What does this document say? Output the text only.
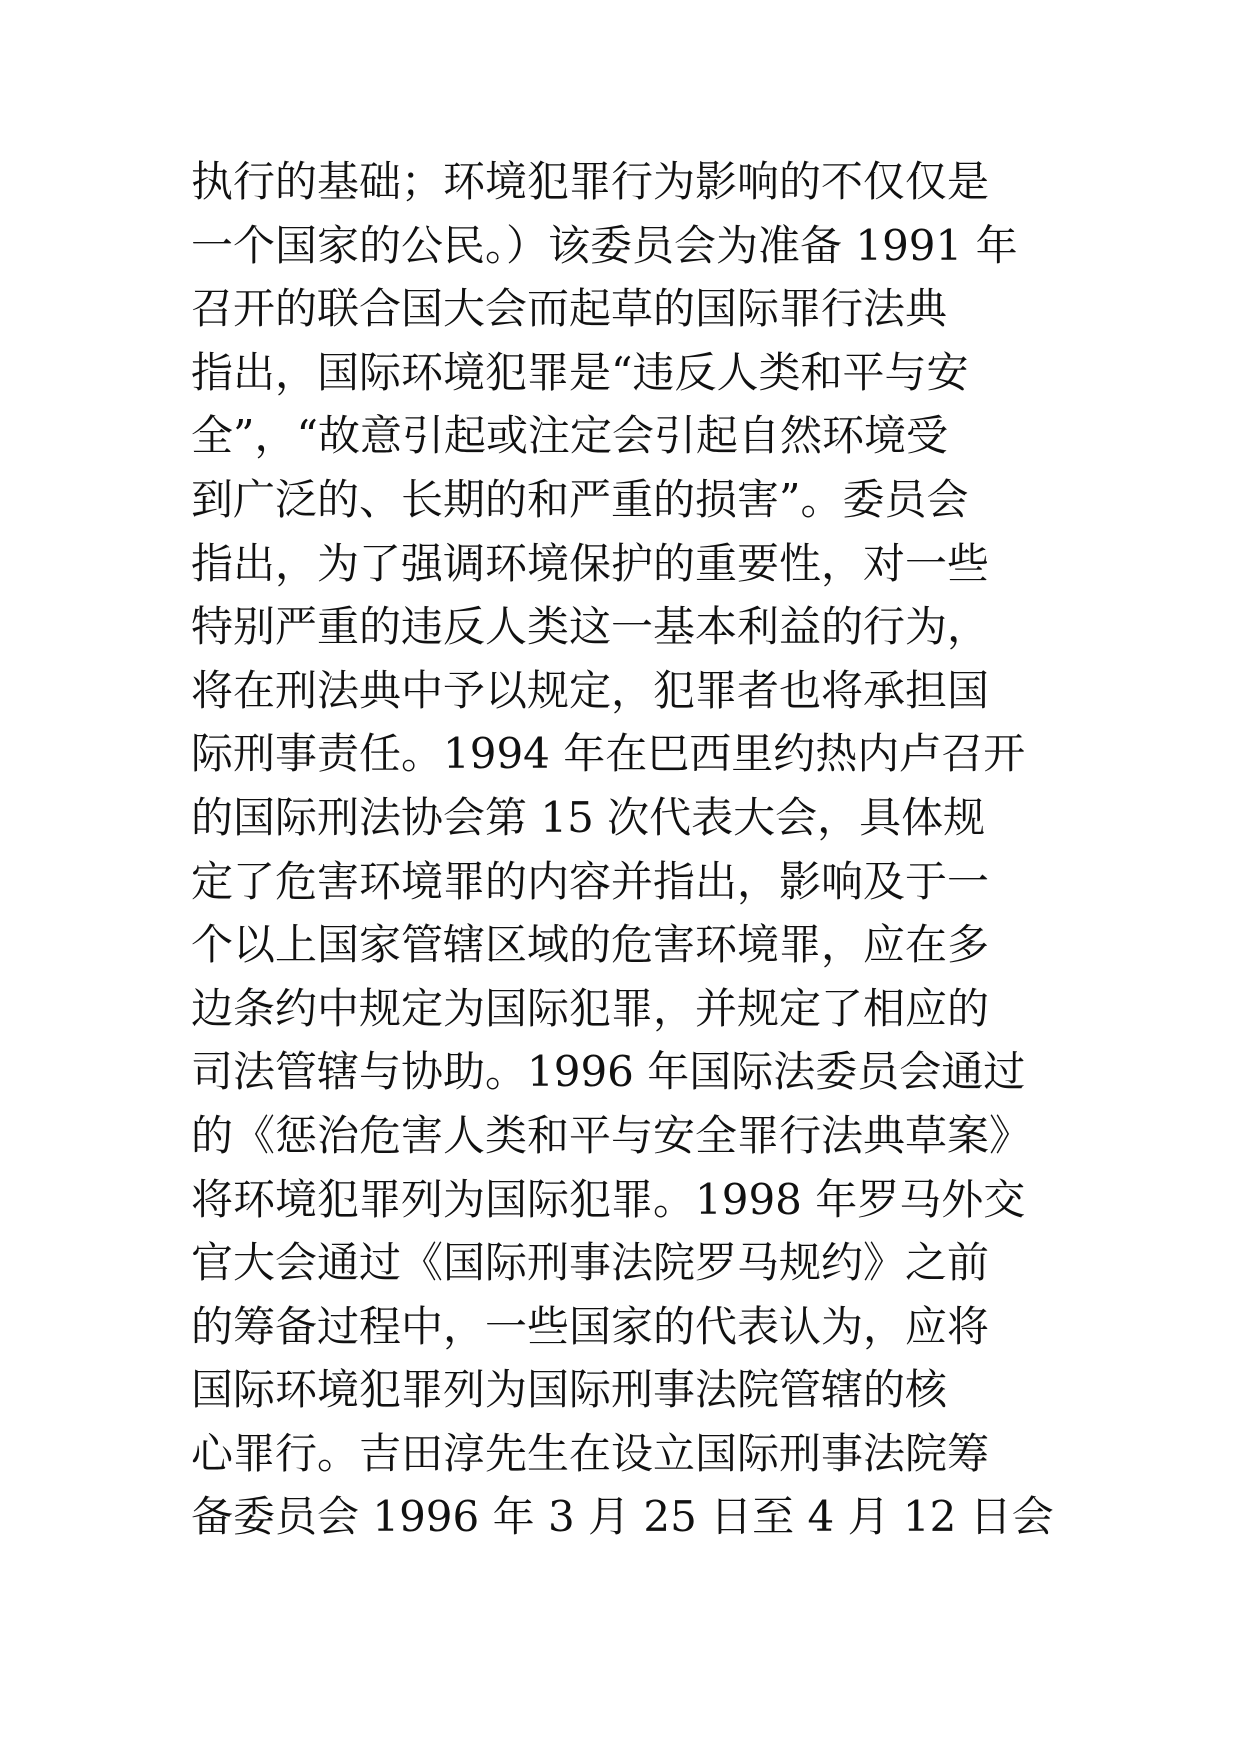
执行的基础；环境犯罪行为影响的不仅仅是
一个国家的公民。）该委员会为准备 1991 年
召开的联合国大会而起草的国际罪行法典
指出，国际环境犯罪是“违反人类和平与安
全”，“故意引起或注定会引起自然环境受
到广泛的、长期的和严重的损害”。委员会
指出，为了强调环境保护的重要性，对一些
特别严重的违反人类这一基本利益的行为，
将在刑法典中予以规定，犯罪者也将承担国
际刑事责任。1994 年在巴西里约热内卢召开
的国际刑法协会第 15 次代表大会，具体规
定了危害环境罪的内容并指出，影响及于一
个以上国家管辖区域的危害环境罪，应在多
边条约中规定为国际犯罪，并规定了相应的
司法管辖与协助。1996 年国际法委员会通过
的《惩治危害人类和平与安全罪行法典草案》
将环境犯罪列为国际犯罪。1998 年罗马外交
官大会通过《国际刑事法院罗马规约》之前
的筹备过程中，一些国家的代表认为，应将
国际环境犯罪列为国际刑事法院管辖的核
心罪行。吉田淳先生在设立国际刑事法院筹
备委员会 1996 年 3 月 25 日至 4 月 12 日会
